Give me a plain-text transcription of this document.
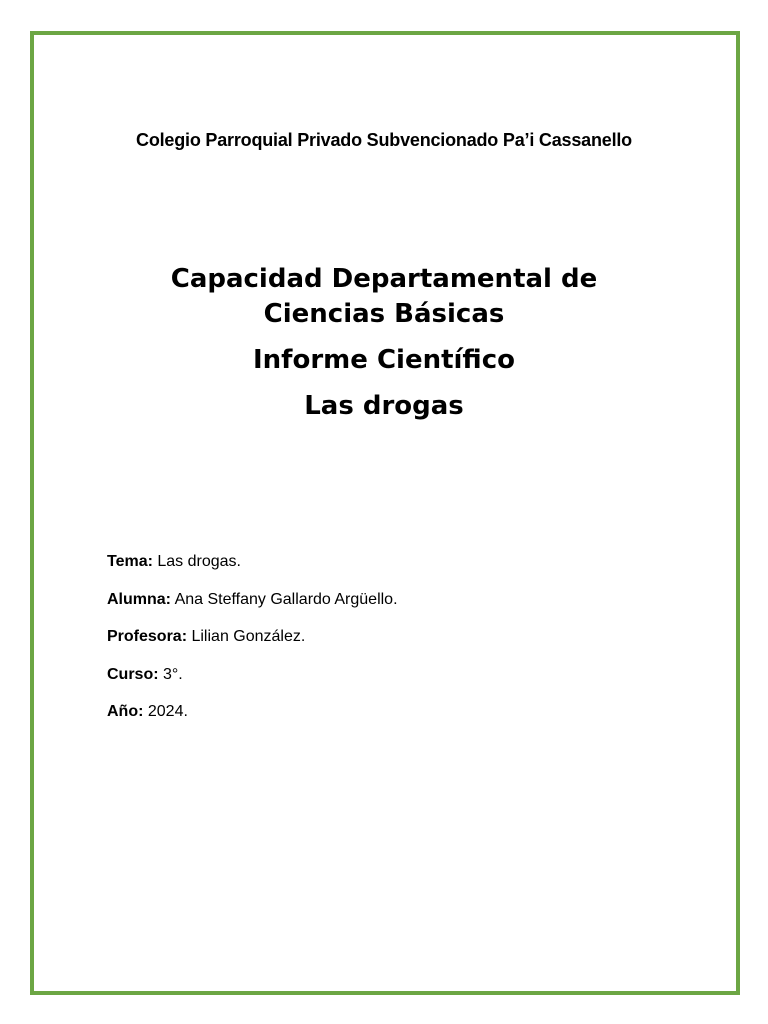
Colegio Parroquial Privado Subvencionado Pa’i Cassanello
Capacidad Departamental de
Ciencias Básicas
Informe Científico
Las drogas
Tema: Las drogas.
Alumna: Ana Steffany Gallardo Argüello.
Profesora: Lilian González.
Curso: 3°.
Año: 2024.
